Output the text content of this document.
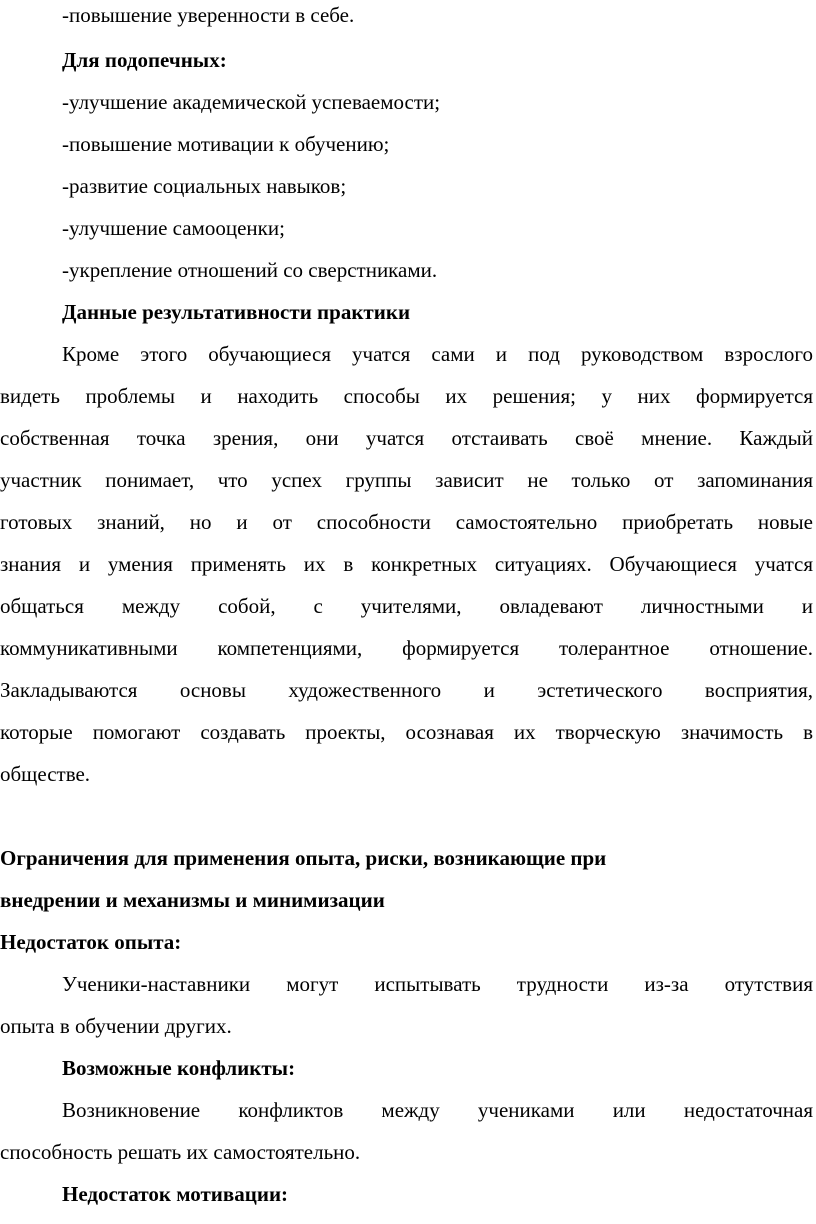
-повышение уверенности в себе.

Для подопечных:

-улучшение академической успеваемости;

-повышение мотивации к обучению;

-развитие социальных навыков;

-улучшение самооценки;

-укрепление отношений со сверстниками.

Данные результативности практики

Кроме этого обучающиеся учатся сами и под руководством взрослого

видеть проблемы и находить способы их решения; у них формируется

собственная точка зрения, они учатся отстаивать своё мнение. Каждый

участник понимает, что успех группы зависит не только от запоминания

готовых знаний, но и от способности самостоятельно приобретать новые

знания и умения применять их в конкретных ситуациях. Обучающиеся учатся

общаться между собой, с учителями, овладевают личностными и

коммуникативными компетенциями, формируется толерантное отношение.

Закладываются основы художественного и эстетического восприятия,

которые помогают создавать проекты, осознавая их творческую значимость в

обществе.

Ограничения для применения опыта, риски, возникающие при

внедрении и механизмы и минимизации

Недостаток опыта:

Ученики-наставники могут испытывать трудности из-за отутствия

опыта в обучении других.

Возможные конфликты:

Возникновение конфликтов между учениками или недостаточная

способность решать их самостоятельно.

Недостаток мотивации:
